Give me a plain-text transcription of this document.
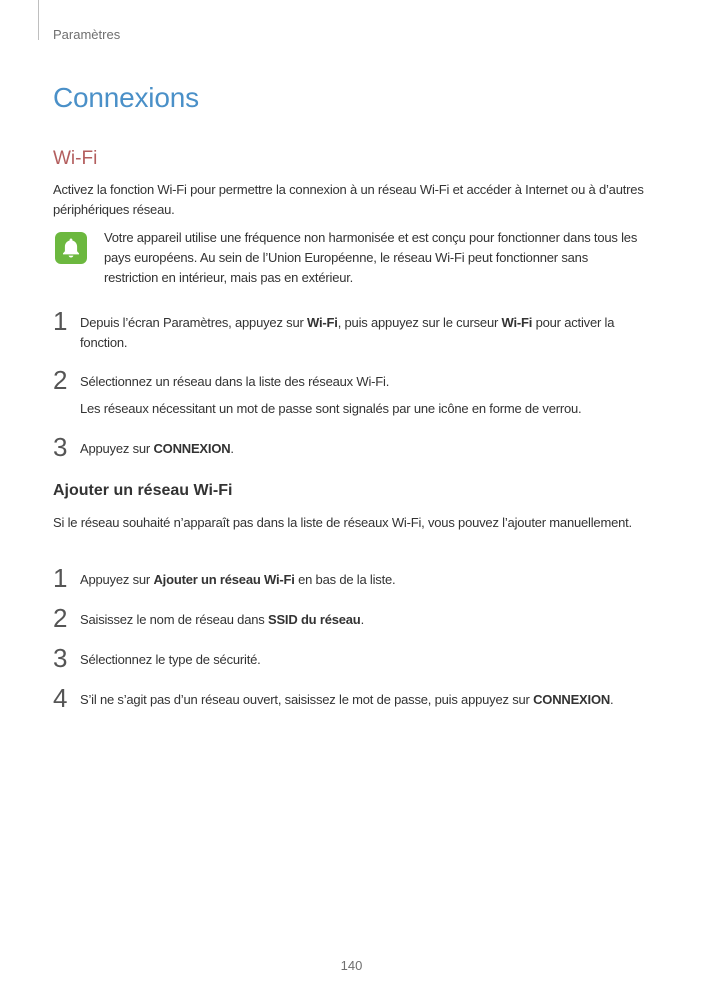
Paramètres
Connexions
Wi-Fi

Activez la fonction Wi-Fi pour permettre la connexion à un réseau Wi-Fi et accéder à Internet ou à d’autres périphériques réseau.

Votre appareil utilise une fréquence non harmonisée et est conçu pour fonctionner dans tous les pays européens. Au sein de l’Union Européenne, le réseau Wi-Fi peut fonctionner sans restriction en intérieur, mais pas en extérieur.
1 Depuis l’écran Paramètres, appuyez sur Wi-Fi, puis appuyez sur le curseur Wi-Fi pour activer la fonction.
2 Sélectionnez un réseau dans la liste des réseaux Wi-Fi.
Les réseaux nécessitant un mot de passe sont signalés par une icône en forme de verrou.
3 Appuyez sur CONNEXION.
Ajouter un réseau Wi-Fi

Si le réseau souhaité n’apparaît pas dans la liste de réseaux Wi-Fi, vous pouvez l’ajouter manuellement.

1 Appuyez sur Ajouter un réseau Wi-Fi en bas de la liste.
2 Saisissez le nom de réseau dans SSID du réseau.
3 Sélectionnez le type de sécurité.
4 S’il ne s’agit pas d’un réseau ouvert, saisissez le mot de passe, puis appuyez sur CONNEXION.
140
